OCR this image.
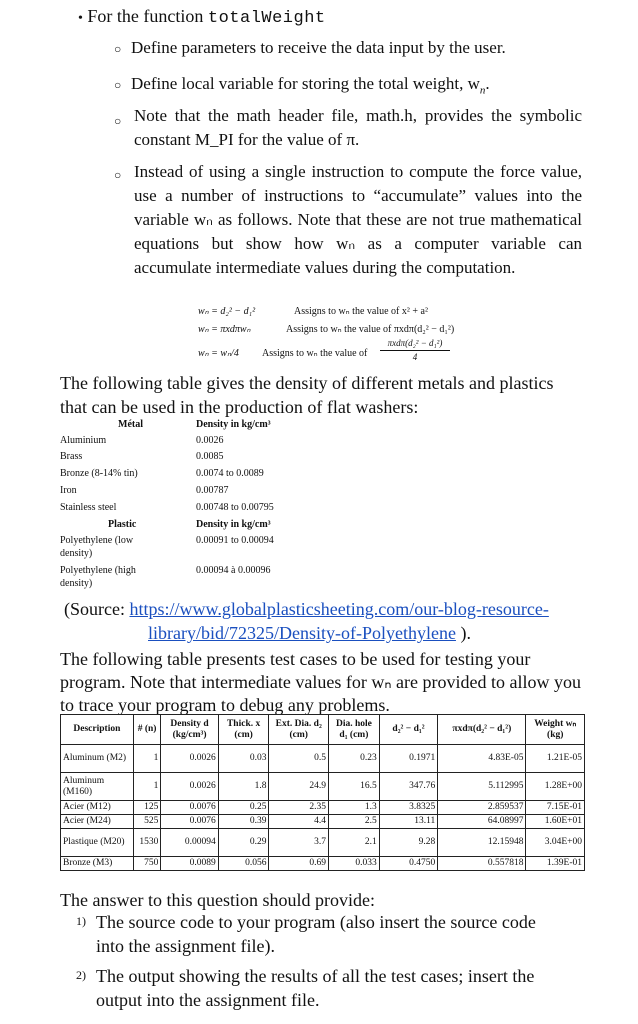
• For the function totalWeight
○ Define parameters to receive the data input by the user.
○ Define local variable for storing the total weight, $w_n$.
○ Note that the math header file, math.h, provides the symbolic constant M_PI for the value of π.
○ Instead of using a single instruction to compute the force value, use a number of instructions to “accumulate” values into the variable wₙ as follows. Note that these are not true mathematical equations but show how wₙ as a computer variable can accumulate intermediate values during the computation.
wₙ = d₂² − d₁²	Assigns to wₙ the value of x² + a²
wₙ = πxdπwₙ	Assigns to wₙ the value of πxdπ(d₂² − d₁²)
wₙ = wₙ/4 Assigns to wₙ the value of
πxdπ(d₂² − d₁²)
4
The following table gives the density of different metals and plastics that can be used in the production of flat washers:
Métal	Density in kg/cm³
Aluminium	0.0026
Brass	0.0085
Bronze (8-14% tin)	0.0074 to 0.0089
Iron	0.00787
Stainless steel	0.00748 to 0.00795
Plastic	Density in kg/cm³
Polyethylene (low density)
0.00091 to 0.00094
Polyethylene (high density)
0.00094 à 0.00096
(Source: https://www.globalplasticsheeting.com/our-blog-resource-
library/bid/72325/Density-of-Polyethylene ).
The following table presents test cases to be used for testing your program. Note that intermediate values for wₙ are provided to allow you to trace your program to debug any problems.
Description	# (n)	Density d (kg/cm³)	Thick. x (cm)	Ext. Dia. d₂ (cm)	Dia. hole d₁ (cm)	d₂² − d₁²	πxdπ(d₂² − d₁²)	Weight wₙ (kg)
Aluminum (M2)	1	0.0026	0.03	0.5	0.23	0.1971	4.83E-05	1.21E-05
Aluminum (M160)	1	0.0026	1.8	24.9	16.5	347.76	5.112995	1.28E+00
Acier (M12)	125	0.0076	0.25	2.35	1.3	3.8325	2.859537	7.15E-01
Acier (M24)	525	0.0076	0.39	4.4	2.5	13.11	64.08997	1.60E+01
Plastique (M20)	1530	0.00094	0.29	3.7	2.1	9.28	12.15948	3.04E+00
Bronze (M3)	750	0.0089	0.056	0.69	0.033	0.4750	0.557818	1.39E-01
The answer to this question should provide:
1) The source code to your program (also insert the source code into the assignment file).
2) The output showing the results of all the test cases; insert the output into the assignment file.
